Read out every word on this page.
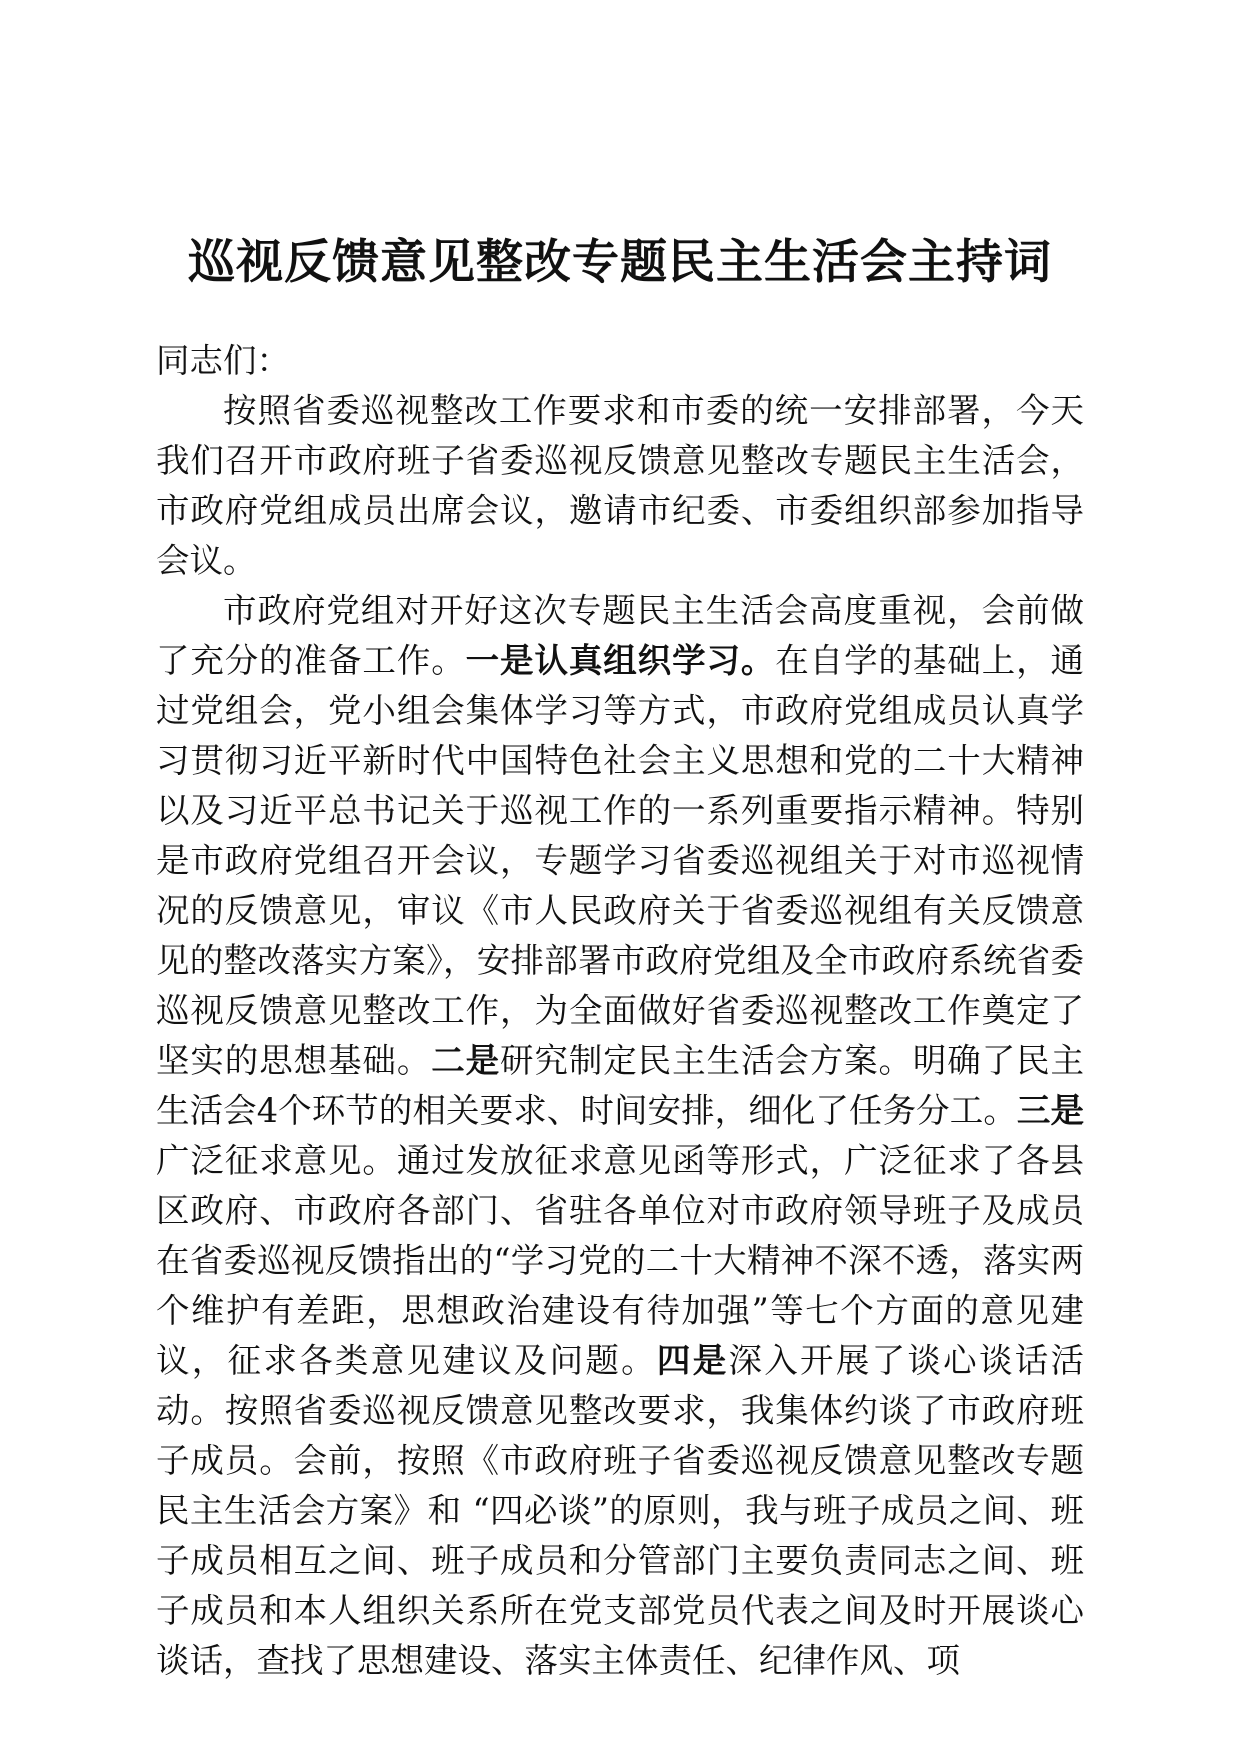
巡视反馈意见整改专题民主生活会主持词

同志们：

按照省委巡视整改工作要求和市委的统一安排部署，今天我们召开市政府班子省委巡视反馈意见整改专题民主生活会，市政府党组成员出席会议，邀请市纪委、市委组织部参加指导会议。

市政府党组对开好这次专题民主生活会高度重视，会前做了充分的准备工作。一是认真组织学习。在自学的基础上，通过党组会，党小组会集体学习等方式，市政府党组成员认真学习贯彻习近平新时代中国特色社会主义思想和党的二十大精神以及习近平总书记关于巡视工作的一系列重要指示精神。特别是市政府党组召开会议，专题学习省委巡视组关于对市巡视情况的反馈意见，审议《市人民政府关于省委巡视组有关反馈意见的整改落实方案》，安排部署市政府党组及全市政府系统省委巡视反馈意见整改工作，为全面做好省委巡视整改工作奠定了坚实的思想基础。二是研究制定民主生活会方案。明确了民主生活会4个环节的相关要求、时间安排，细化了任务分工。三是广泛征求意见。通过发放征求意见函等形式，广泛征求了各县区政府、市政府各部门、省驻各单位对市政府领导班子及成员在省委巡视反馈指出的“学习党的二十大精神不深不透，落实两个维护有差距，思想政治建设有待加强”等七个方面的意见建议，征求各类意见建议及问题。四是深入开展了谈心谈话活动。按照省委巡视反馈意见整改要求，我集体约谈了市政府班子成员。会前，按照《市政府班子省委巡视反馈意见整改专题民主生活会方案》和 “四必谈”的原则，我与班子成员之间、班子成员相互之间、班子成员和分管部门主要负责同志之间、班子成员和本人组织关系所在党支部党员代表之间及时开展谈心谈话，查找了思想建设、落实主体责任、纪律作风、项
